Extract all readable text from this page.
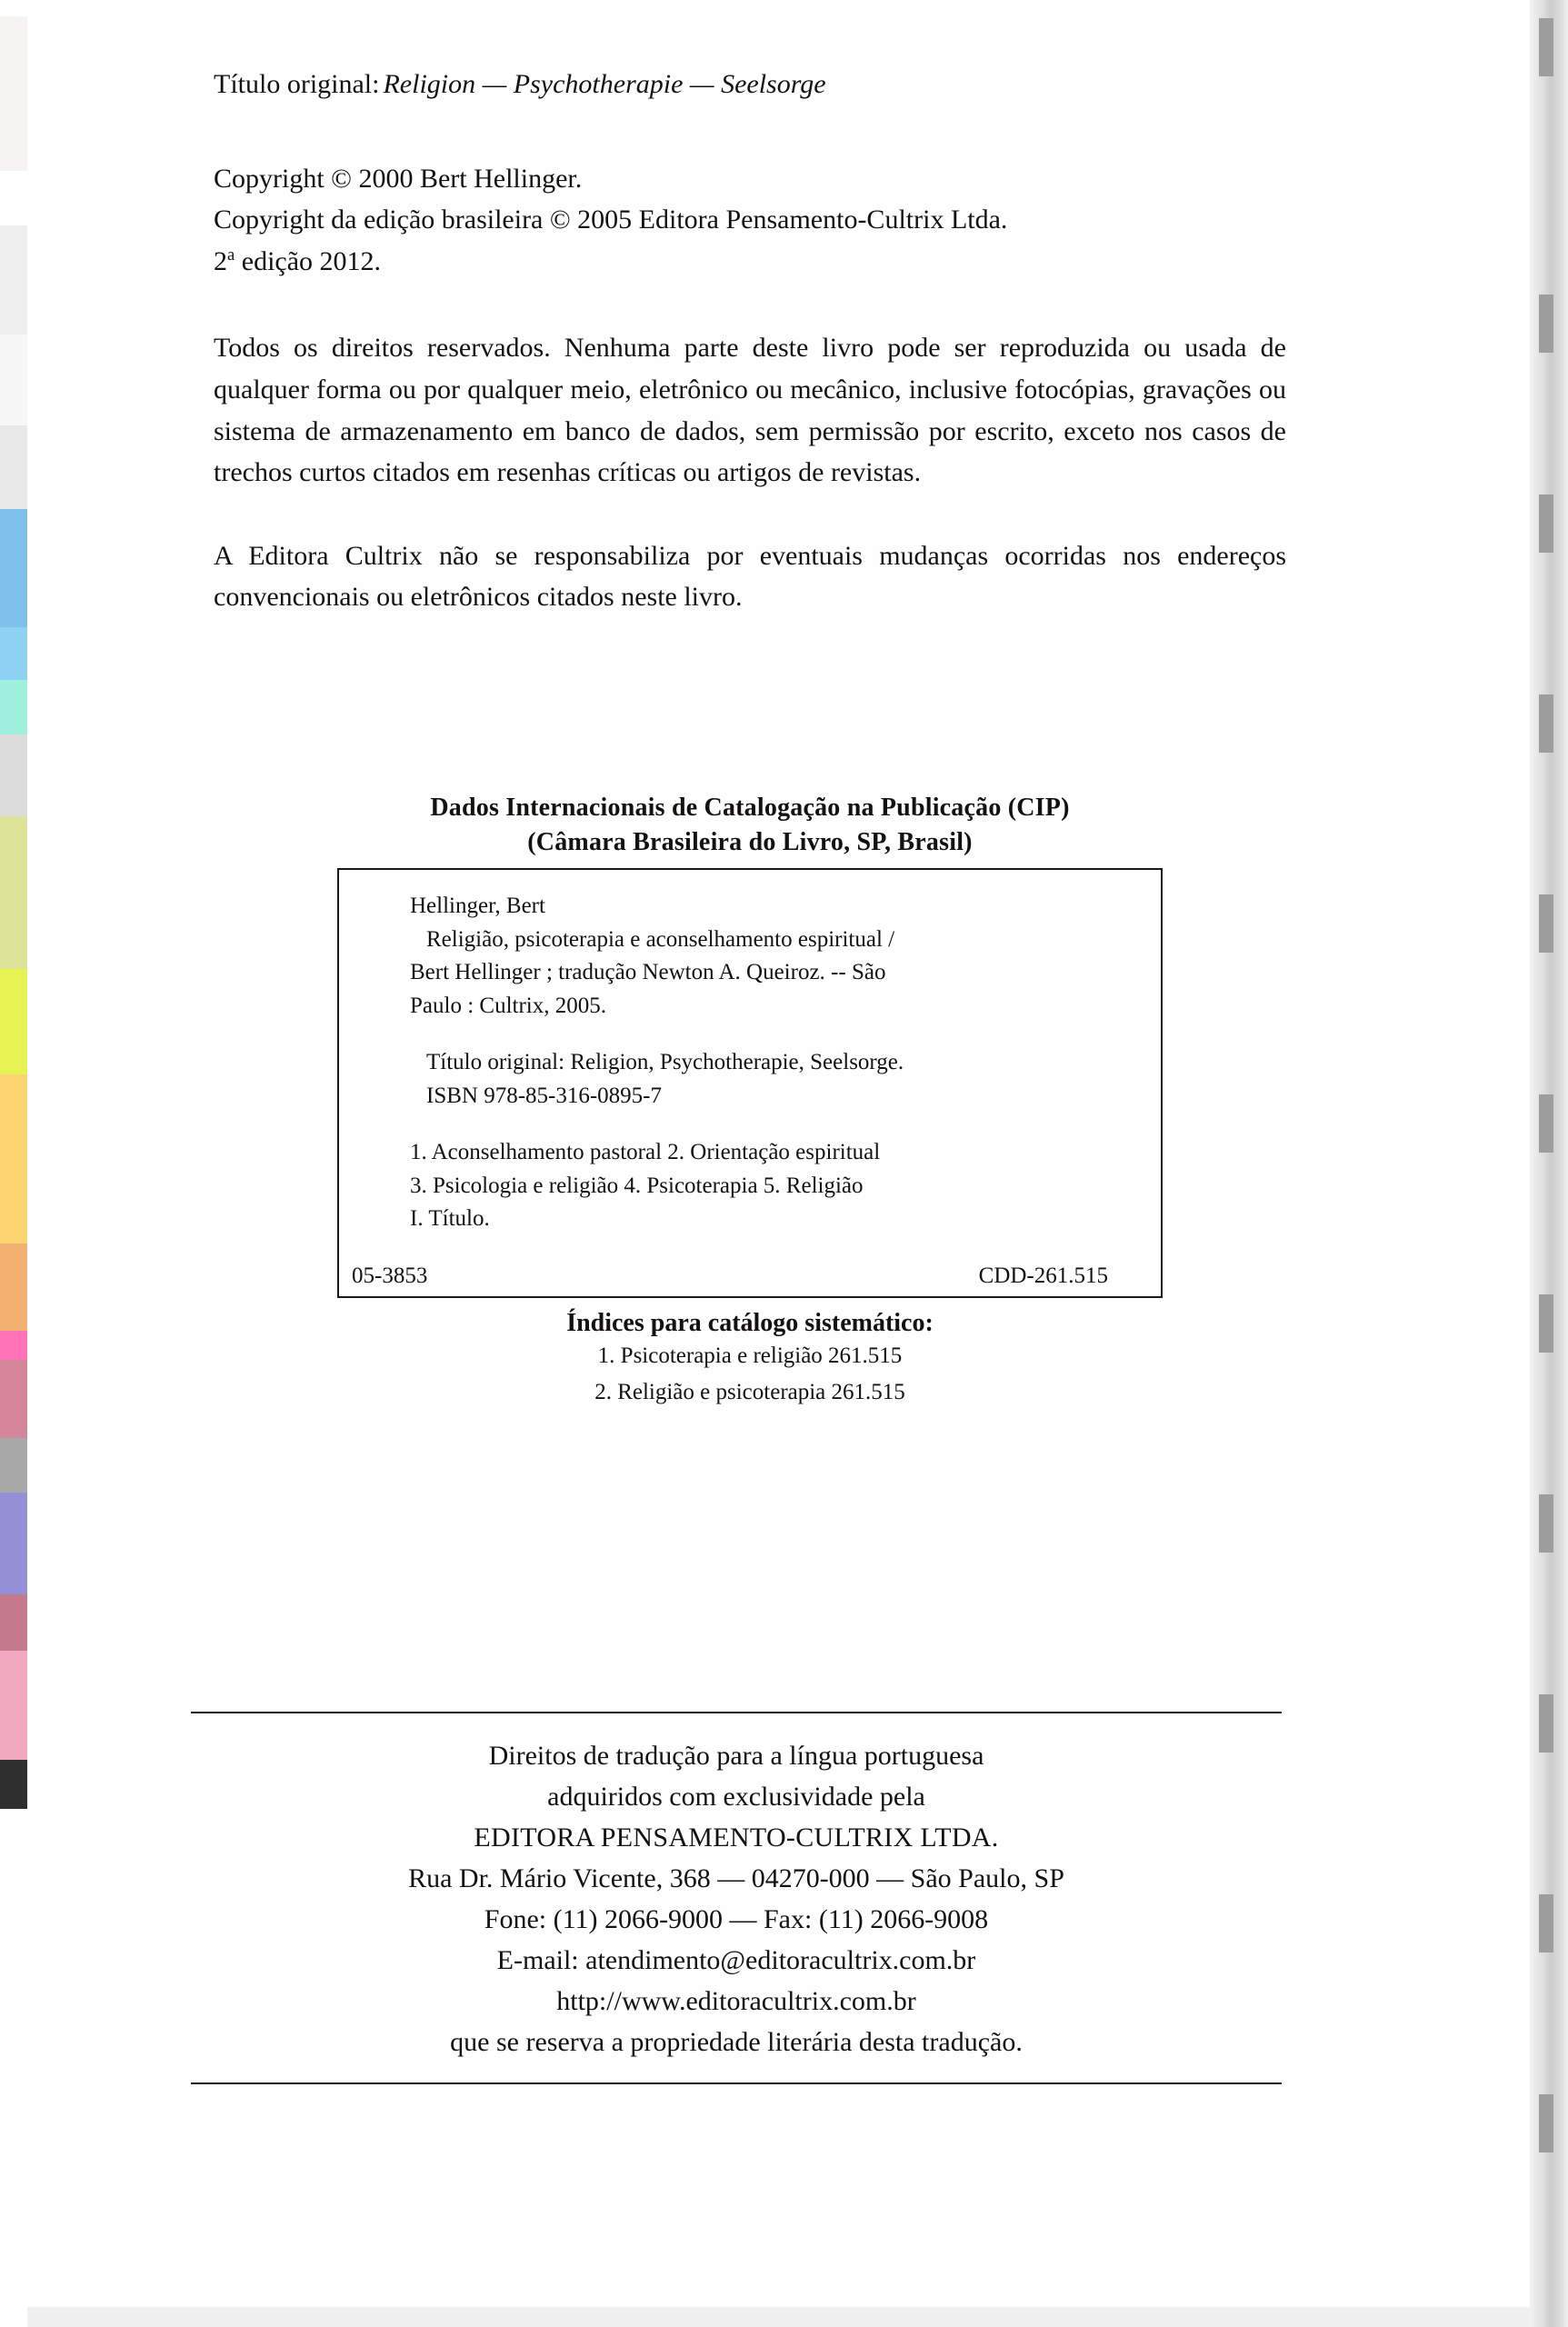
Título original: Religion — Psychotherapie — Seelsorge
Copyright © 2000 Bert Hellinger.
Copyright da edição brasileira © 2005 Editora Pensamento-Cultrix Ltda.
2$^a$ edição 2012.

Todos os direitos reservados. Nenhuma parte deste livro pode ser reproduzida ou usada de qualquer forma ou por qualquer meio, eletrônico ou mecânico, inclusive fotocópias, gravações ou sistema de armazenamento em banco de dados, sem permissão por escrito, exceto nos casos de trechos curtos citados em resenhas críticas ou artigos de revistas.

A Editora Cultrix não se responsabiliza por eventuais mudanças ocorridas nos endereços convencionais ou eletrônicos citados neste livro.

Dados Internacionais de Catalogação na Publicação (CIP)
(Câmara Brasileira do Livro, SP, Brasil)
Hellinger, Bert
Religião, psicoterapia e aconselhamento espiritual /
Bert Hellinger ; tradução Newton A. Queiroz. -- São
Paulo : Cultrix, 2005.
Título original: Religion, Psychotherapie, Seelsorge.
ISBN 978-85-316-0895-7
1. Aconselhamento pastoral 2. Orientação espiritual
3. Psicologia e religião 4. Psicoterapia 5. Religião
I. Título.
05-3853	CDD-261.515
Índices para catálogo sistemático:
1. Psicoterapia e religião 261.515
2. Religião e psicoterapia 261.515
Direitos de tradução para a língua portuguesa
adquiridos com exclusividade pela
EDITORA PENSAMENTO-CULTRIX LTDA.
Rua Dr. Mário Vicente, 368 — 04270-000 — São Paulo, SP
Fone: (11) 2066-9000 — Fax: (11) 2066-9008
E-mail: atendimento@editoracultrix.com.br
http://www.editoracultrix.com.br
que se reserva a propriedade literária desta tradução.
